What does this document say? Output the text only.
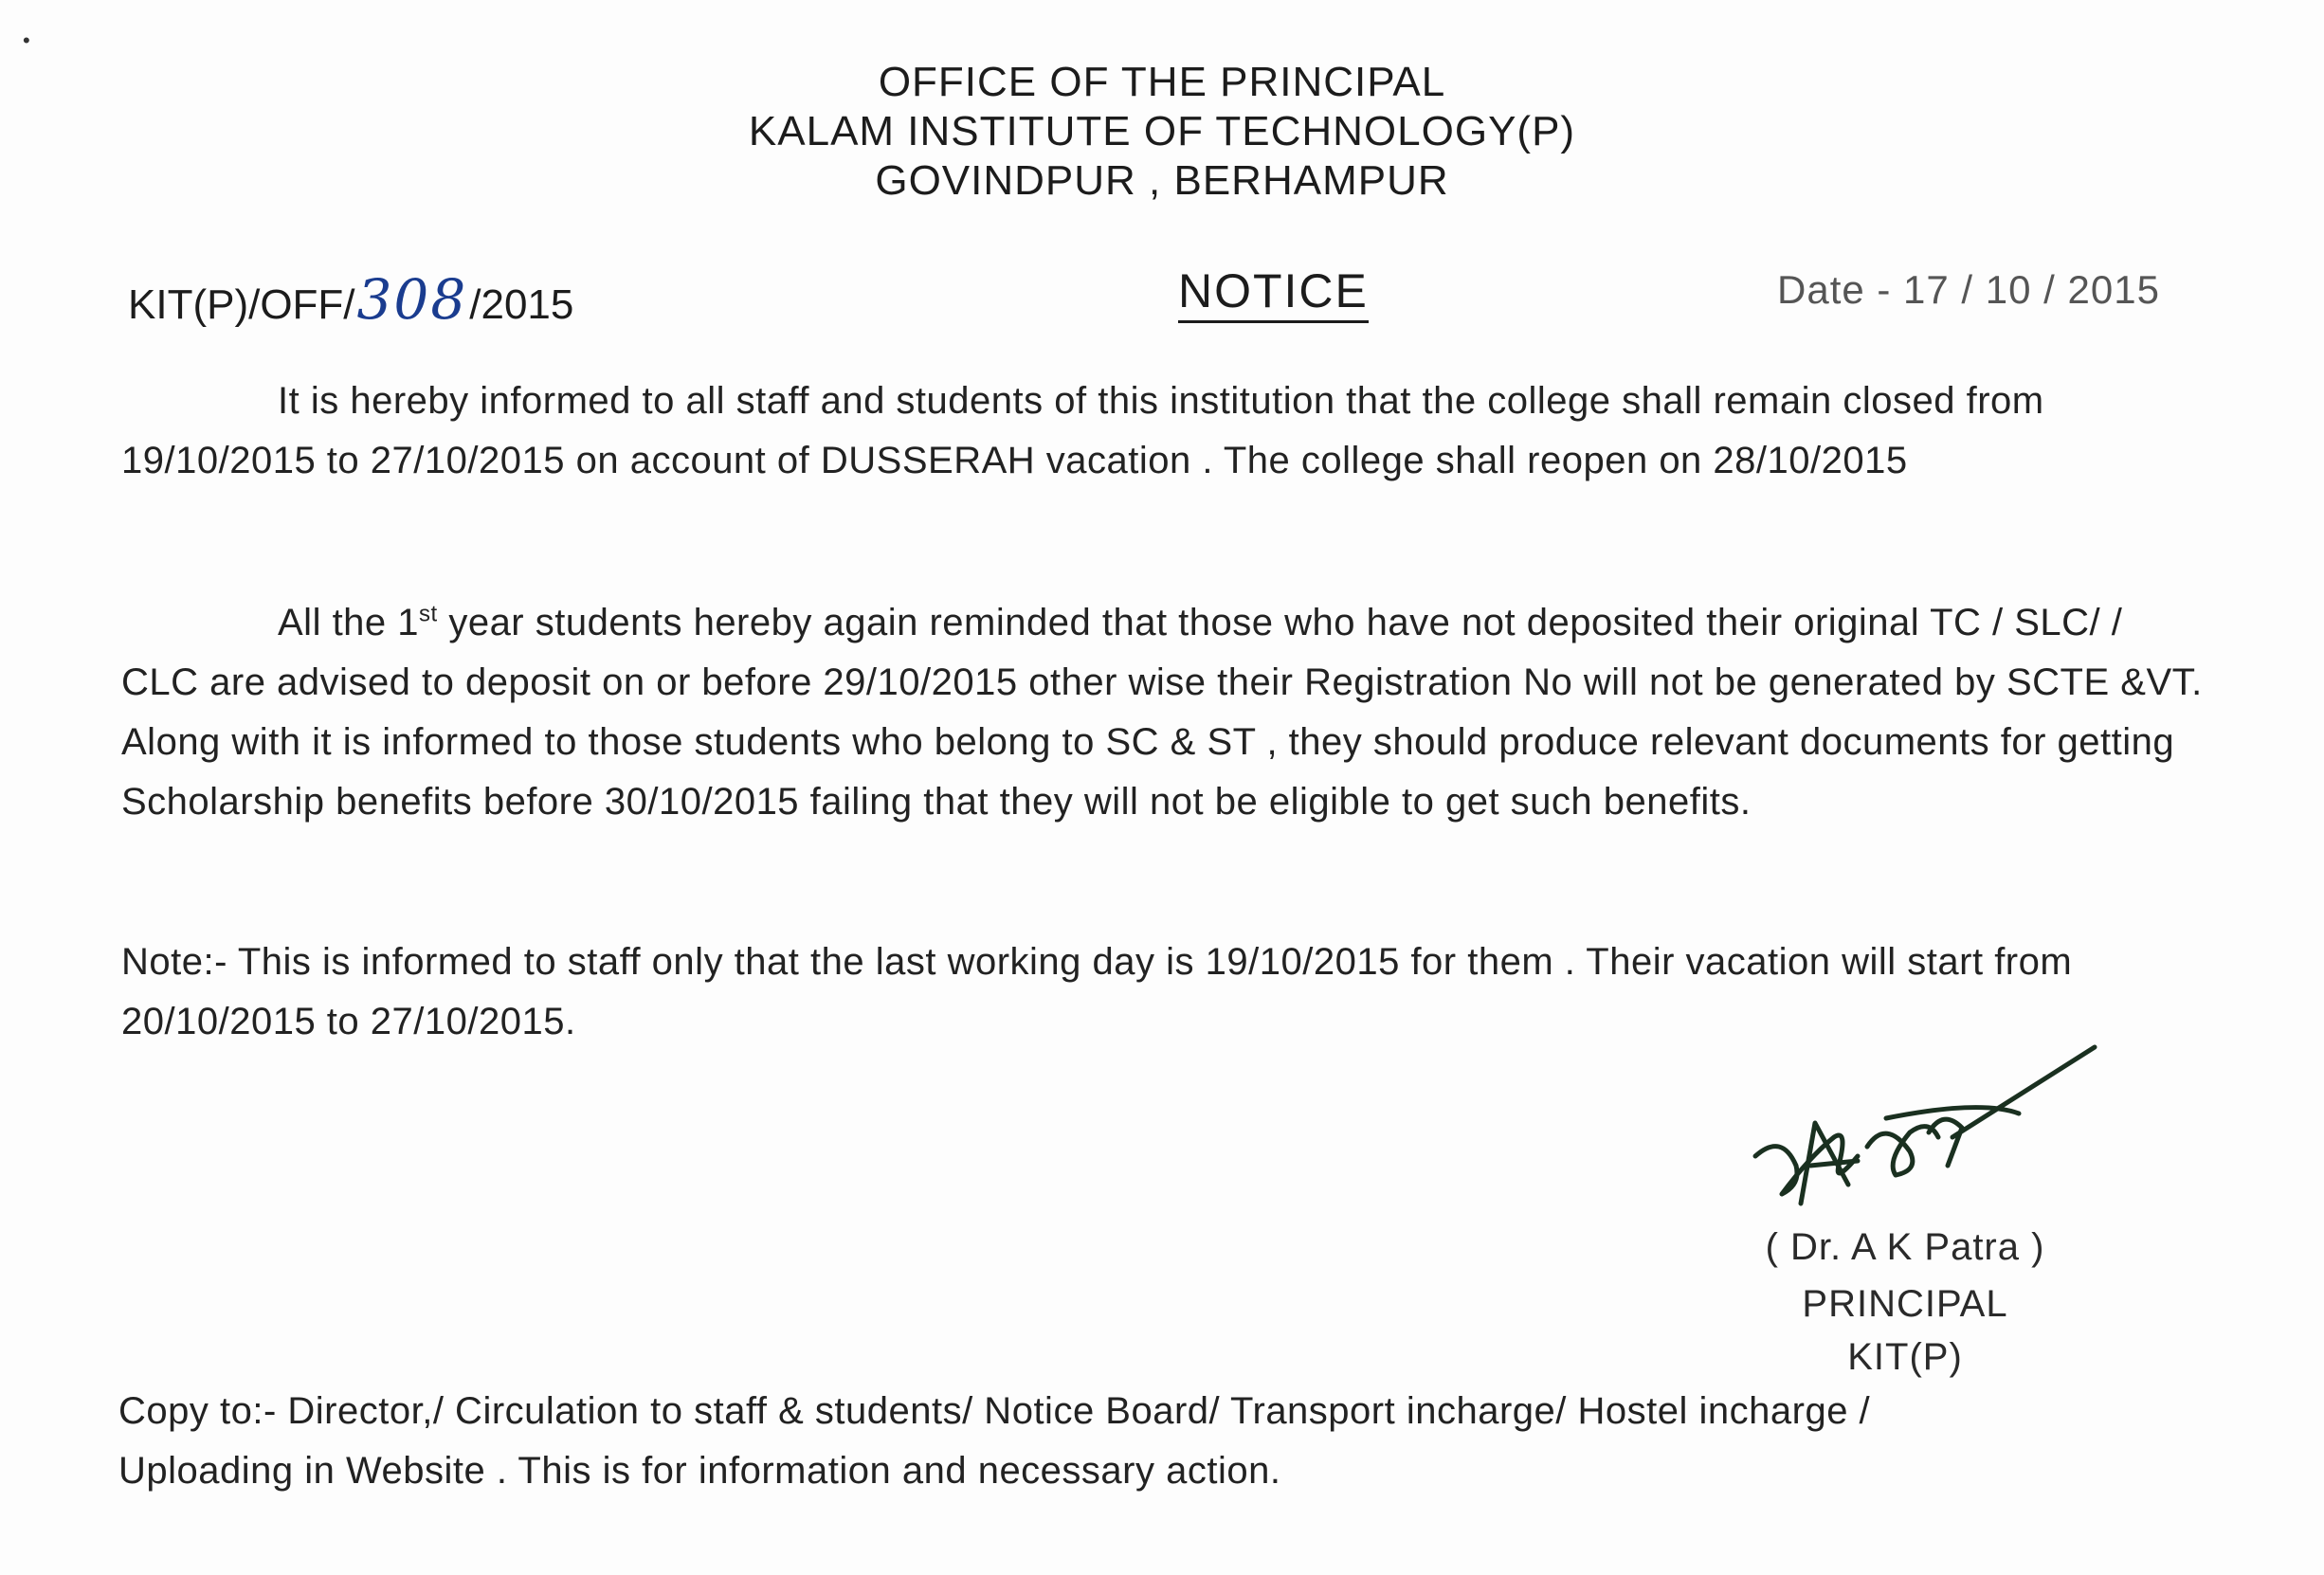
•
OFFICE OF THE PRINCIPAL
KALAM INSTITUTE OF TECHNOLOGY(P)
GOVINDPUR , BERHAMPUR
KIT(P)/OFF/308/2015	NOTICE	Date - 17 / 10 / 2015

It is hereby informed to all staff and students of this institution that the college shall remain closed from 19/10/2015 to 27/10/2015 on account of DUSSERAH vacation . The college shall reopen on 28/10/2015

All the 1st year students hereby again reminded that those who have not deposited their original TC / SLC/ / CLC are advised to deposit on or before 29/10/2015 other wise their Registration No will not be generated by SCTE &VT. Along with it is informed to those students who belong to SC & ST , they should produce relevant documents for getting Scholarship benefits before 30/10/2015 failing that they will not be eligible to get such benefits.

Note:- This is informed to staff only that the last working day is 19/10/2015 for them . Their vacation will start from 20/10/2015 to 27/10/2015.

( Dr. A K Patra )
PRINCIPAL
KIT(P)
Copy to:- Director,/ Circulation to staff & students/ Notice Board/ Transport incharge/ Hostel incharge /
Uploading in Website . This is for information and necessary action.
